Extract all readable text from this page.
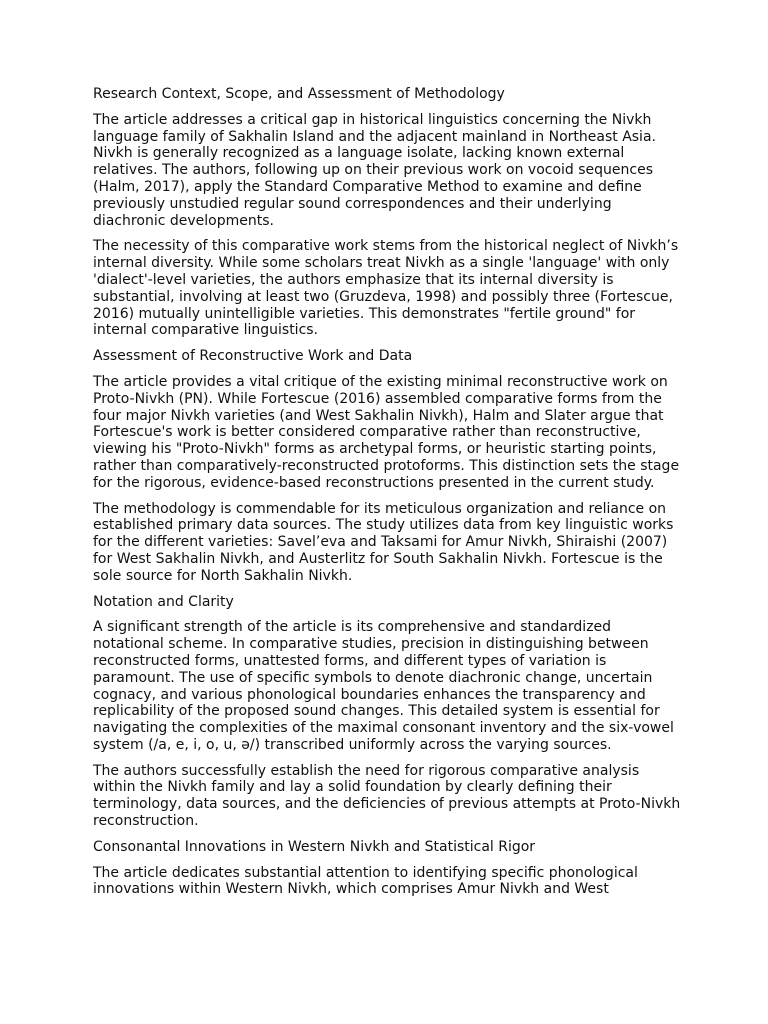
Research Context, Scope, and Assessment of Methodology

The article addresses a critical gap in historical linguistics concerning the Nivkh language family of Sakhalin Island and the adjacent mainland in Northeast Asia. Nivkh is generally recognized as a language isolate, lacking known external relatives. The authors, following up on their previous work on vocoid sequences (Halm, 2017), apply the Standard Comparative Method to examine and define previously unstudied regular sound correspondences and their underlying diachronic developments.

The necessity of this comparative work stems from the historical neglect of Nivkh’s internal diversity. While some scholars treat Nivkh as a single 'language' with only 'dialect'-level varieties, the authors emphasize that its internal diversity is substantial, involving at least two (Gruzdeva, 1998) and possibly three (Fortescue, 2016) mutually unintelligible varieties. This demonstrates "fertile ground" for internal comparative linguistics.

Assessment of Reconstructive Work and Data

The article provides a vital critique of the existing minimal reconstructive work on Proto-Nivkh (PN). While Fortescue (2016) assembled comparative forms from the four major Nivkh varieties (and West Sakhalin Nivkh), Halm and Slater argue that Fortescue's work is better considered comparative rather than reconstructive, viewing his "Proto-Nivkh" forms as archetypal forms, or heuristic starting points, rather than comparatively-reconstructed protoforms. This distinction sets the stage for the rigorous, evidence-based reconstructions presented in the current study.

The methodology is commendable for its meticulous organization and reliance on established primary data sources. The study utilizes data from key linguistic works for the different varieties: Savel’eva and Taksami for Amur Nivkh, Shiraishi (2007) for West Sakhalin Nivkh, and Austerlitz for South Sakhalin Nivkh. Fortescue is the sole source for North Sakhalin Nivkh.

Notation and Clarity

A significant strength of the article is its comprehensive and standardized notational scheme. In comparative studies, precision in distinguishing between reconstructed forms, unattested forms, and different types of variation is paramount. The use of specific symbols to denote diachronic change, uncertain cognacy, and various phonological boundaries enhances the transparency and replicability of the proposed sound changes. This detailed system is essential for navigating the complexities of the maximal consonant inventory and the six-vowel system (/a, e, i, o, u, ə/) transcribed uniformly across the varying sources.

The authors successfully establish the need for rigorous comparative analysis within the Nivkh family and lay a solid foundation by clearly defining their terminology, data sources, and the deficiencies of previous attempts at Proto-Nivkh reconstruction.

Consonantal Innovations in Western Nivkh and Statistical Rigor

The article dedicates substantial attention to identifying specific phonological innovations within Western Nivkh, which comprises Amur Nivkh and West
